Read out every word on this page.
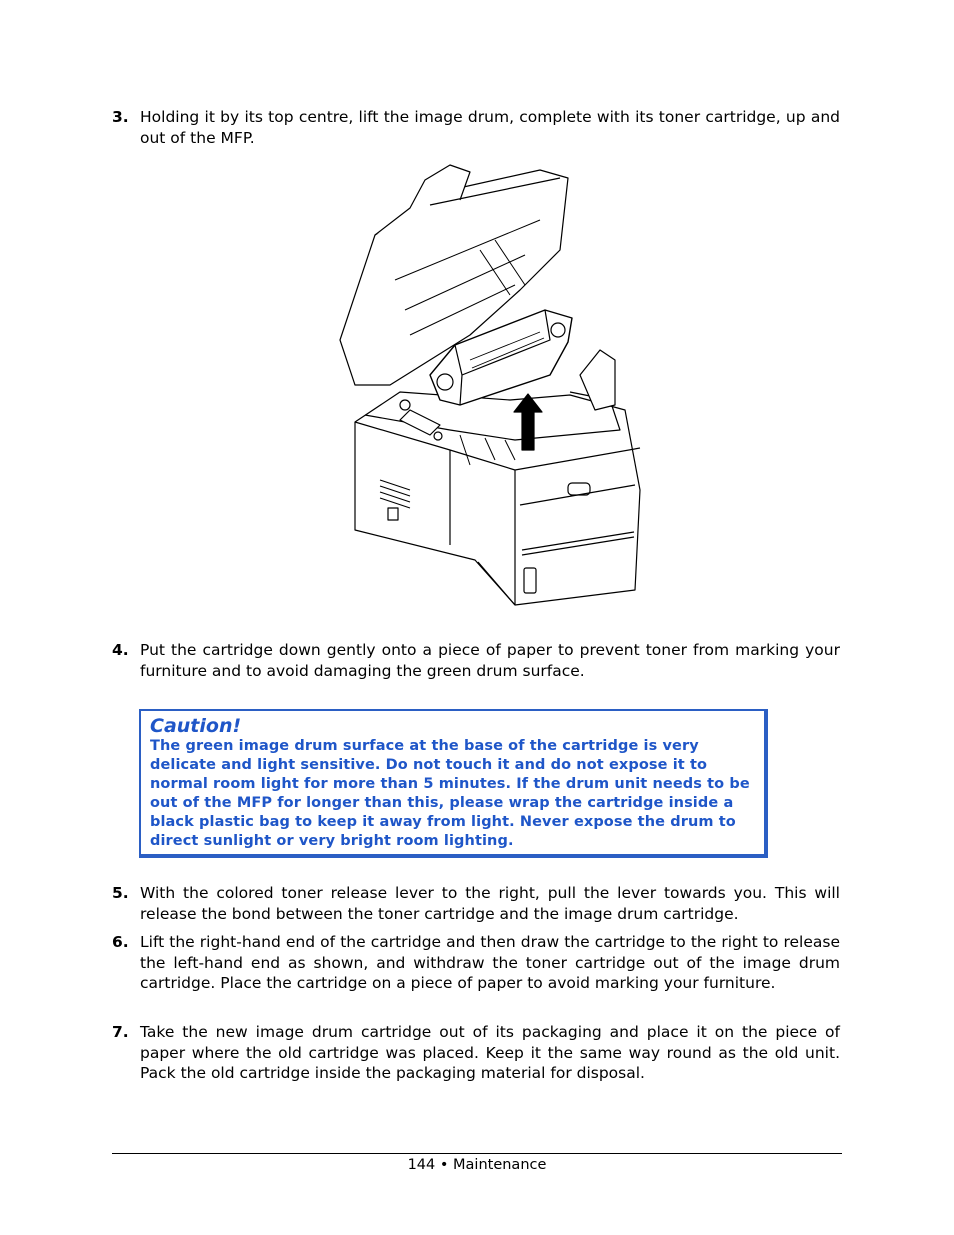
3. Holding it by its top centre, lift the image drum, complete with its toner cartridge, up and out of the MFP.
4. Put the cartridge down gently onto a piece of paper to prevent toner from marking your furniture and to avoid damaging the green drum surface.
Caution!
The green image drum surface at the base of the cartridge is very delicate and light sensitive. Do not touch it and do not expose it to normal room light for more than 5 minutes. If the drum unit needs to be out of the MFP for longer than this, please wrap the cartridge inside a black plastic bag to keep it away from light. Never expose the drum to direct sunlight or very bright room lighting.
5. With the colored toner release lever to the right, pull the lever towards you. This will release the bond between the toner cartridge and the image drum cartridge.
6. Lift the right-hand end of the cartridge and then draw the cartridge to the right to release the left-hand end as shown, and withdraw the toner cartridge out of the image drum cartridge. Place the cartridge on a piece of paper to avoid marking your furniture.
7. Take the new image drum cartridge out of its packaging and place it on the piece of paper where the old cartridge was placed. Keep it the same way round as the old unit. Pack the old cartridge inside the packaging material for disposal.
144 • Maintenance
